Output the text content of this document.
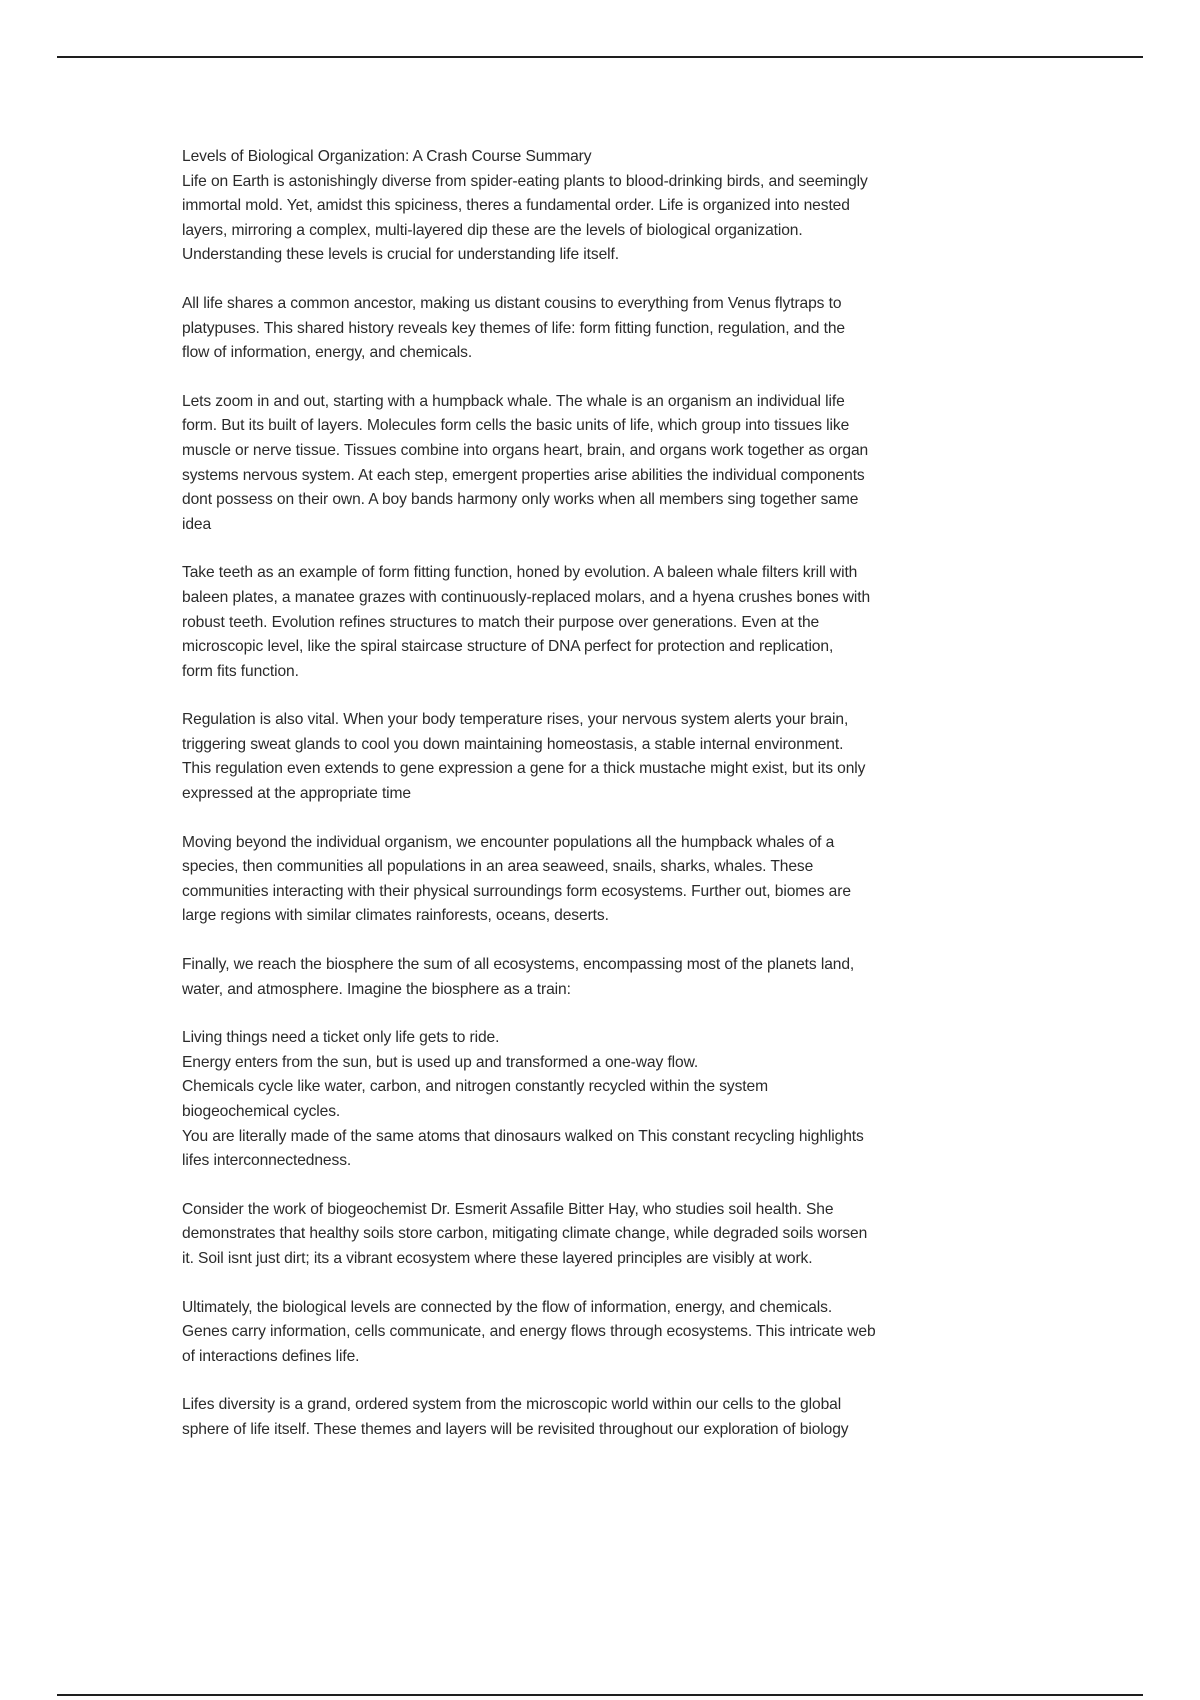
Levels of Biological Organization: A Crash Course Summary

Life on Earth is astonishingly diverse from spider-eating plants to blood-drinking birds, and seemingly
immortal mold. Yet, amidst this spiciness, theres a fundamental order. Life is organized into nested
layers, mirroring a complex, multi-layered dip these are the levels of biological organization.
Understanding these levels is crucial for understanding life itself.

All life shares a common ancestor, making us distant cousins to everything from Venus flytraps to
platypuses. This shared history reveals key themes of life: form fitting function, regulation, and the
flow of information, energy, and chemicals.

Lets zoom in and out, starting with a humpback whale. The whale is an organism an individual life
form. But its built of layers. Molecules form cells the basic units of life, which group into tissues like
muscle or nerve tissue. Tissues combine into organs heart, brain, and organs work together as organ
systems nervous system. At each step, emergent properties arise abilities the individual components
dont possess on their own. A boy bands harmony only works when all members sing together same
idea

Take teeth as an example of form fitting function, honed by evolution. A baleen whale filters krill with
baleen plates, a manatee grazes with continuously-replaced molars, and a hyena crushes bones with
robust teeth. Evolution refines structures to match their purpose over generations. Even at the
microscopic level, like the spiral staircase structure of DNA perfect for protection and replication,
form fits function.

Regulation is also vital. When your body temperature rises, your nervous system alerts your brain,
triggering sweat glands to cool you down maintaining homeostasis, a stable internal environment.
This regulation even extends to gene expression a gene for a thick mustache might exist, but its only
expressed at the appropriate time

Moving beyond the individual organism, we encounter populations all the humpback whales of a
species, then communities all populations in an area seaweed, snails, sharks, whales. These
communities interacting with their physical surroundings form ecosystems. Further out, biomes are
large regions with similar climates rainforests, oceans, deserts.

Finally, we reach the biosphere the sum of all ecosystems, encompassing most of the planets land,
water, and atmosphere. Imagine the biosphere as a train:

Living things need a ticket only life gets to ride.
Energy enters from the sun, but is used up and transformed a one-way flow.
Chemicals cycle like water, carbon, and nitrogen constantly recycled within the system
biogeochemical cycles.
You are literally made of the same atoms that dinosaurs walked on This constant recycling highlights
lifes interconnectedness.

Consider the work of biogeochemist Dr. Esmerit Assafile Bitter Hay, who studies soil health. She
demonstrates that healthy soils store carbon, mitigating climate change, while degraded soils worsen
it. Soil isnt just dirt; its a vibrant ecosystem where these layered principles are visibly at work.

Ultimately, the biological levels are connected by the flow of information, energy, and chemicals.
Genes carry information, cells communicate, and energy flows through ecosystems. This intricate web
of interactions defines life.

Lifes diversity is a grand, ordered system from the microscopic world within our cells to the global
sphere of life itself. These themes and layers will be revisited throughout our exploration of biology
